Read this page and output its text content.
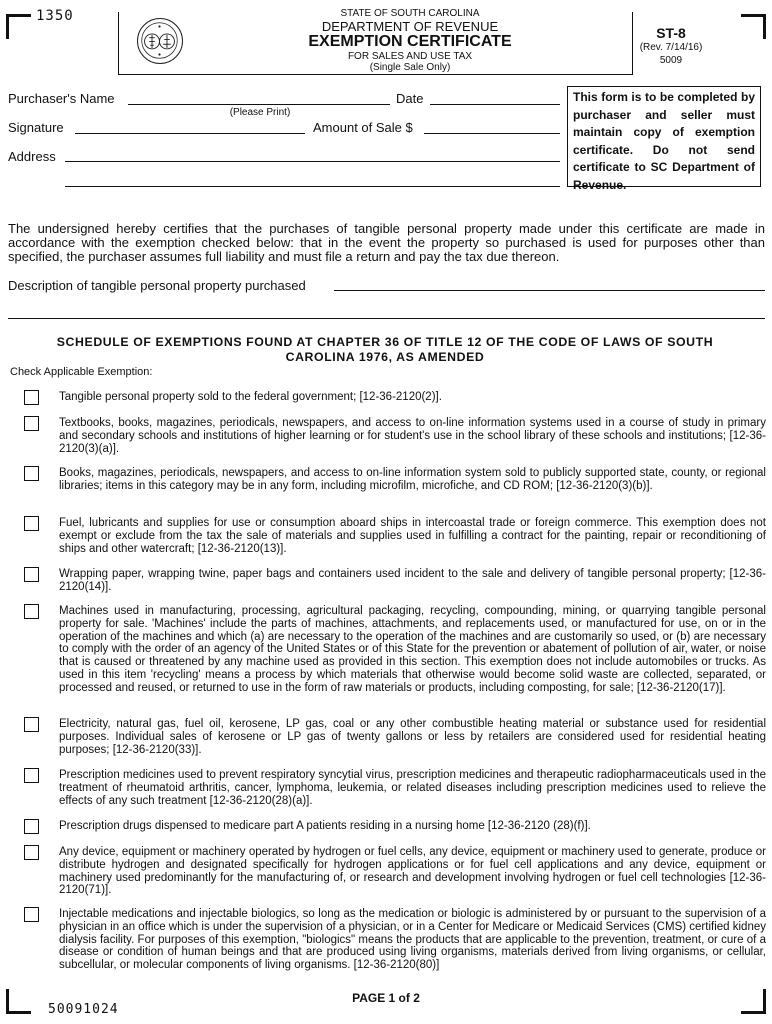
1350	STATE OF SOUTH CAROLINA
DEPARTMENT OF REVENUE
EXEMPTION CERTIFICATE
FOR SALES AND USE TAX
(Single Sale Only)
ST-8
(Rev. 7/14/16)
5009
Purchaser's Name
(Please Print)
Date
Signature	Amount of Sale $
Address
This form is to be completed by purchaser and seller must maintain copy of exemption certificate. Do not send certificate to SC Department of Revenue.
The undersigned hereby certifies that the purchases of tangible personal property made under this certificate are made in accordance with the exemption checked below: that in the event the property so purchased is used for purposes other than specified, the purchaser assumes full liability and must file a return and pay the tax due thereon.
Description of tangible personal property purchased
SCHEDULE OF EXEMPTIONS FOUND AT CHAPTER 36 OF TITLE 12 OF THE CODE OF LAWS OF SOUTH CAROLINA 1976, AS AMENDED
Check Applicable Exemption:
Tangible personal property sold to the federal government; [12-36-2120(2)].
Textbooks, books, magazines, periodicals, newspapers, and access to on-line information systems used in a course of study in primary and secondary schools and institutions of higher learning or for student's use in the school library of these schools and institutions; [12-36-2120(3)(a)].
Books, magazines, periodicals, newspapers, and access to on-line information system sold to publicly supported state, county, or regional libraries; items in this category may be in any form, including microfilm, microfiche, and CD ROM; [12-36-2120(3)(b)].
Fuel, lubricants and supplies for use or consumption aboard ships in intercoastal trade or foreign commerce. This exemption does not exempt or exclude from the tax the sale of materials and supplies used in fulfilling a contract for the painting, repair or reconditioning of ships and other watercraft; [12-36-2120(13)].
Wrapping paper, wrapping twine, paper bags and containers used incident to the sale and delivery of tangible personal property; [12-36-2120(14)].
Machines used in manufacturing, processing, agricultural packaging, recycling, compounding, mining, or quarrying tangible personal property for sale. 'Machines' include the parts of machines, attachments, and replacements used, or manufactured for use, on or in the operation of the machines and which (a) are necessary to the operation of the machines and are customarily so used, or (b) are necessary to comply with the order of an agency of the United States or of this State for the prevention or abatement of pollution of air, water, or noise that is caused or threatened by any machine used as provided in this section. This exemption does not include automobiles or trucks. As used in this item 'recycling' means a process by which materials that otherwise would become solid waste are collected, separated, or processed and reused, or returned to use in the form of raw materials or products, including composting, for sale; [12-36-2120(17)].
Electricity, natural gas, fuel oil, kerosene, LP gas, coal or any other combustible heating material or substance used for residential purposes. Individual sales of kerosene or LP gas of twenty gallons or less by retailers are considered used for residential heating purposes; [12-36-2120(33)].
Prescription medicines used to prevent respiratory syncytial virus, prescription medicines and therapeutic radiopharmaceuticals used in the treatment of rheumatoid arthritis, cancer, lymphoma, leukemia, or related diseases including prescription medicines used to relieve the effects of any such treatment [12-36-2120(28)(a)].
Prescription drugs dispensed to medicare part A patients residing in a nursing home [12-36-2120 (28)(f)].
Any device, equipment or machinery operated by hydrogen or fuel cells, any device, equipment or machinery used to generate, produce or distribute hydrogen and designated specifically for hydrogen applications or for fuel cell applications and any device, equipment or machinery used predominantly for the manufacturing of, or research and development involving hydrogen or fuel cell technologies [12-36-2120(71)].
Injectable medications and injectable biologics, so long as the medication or biologic is administered by or pursuant to the supervision of a physician in an office which is under the supervision of a physician, or in a Center for Medicare or Medicaid Services (CMS) certified kidney dialysis facility. For purposes of this exemption, "biologics" means the products that are applicable to the prevention, treatment, or cure of a disease or condition of human beings and that are produced using living organisms, materials derived from living organisms, or cellular, subcellular, or molecular components of living organisms. [12-36-2120(80)]
PAGE 1 of 2
50091024
